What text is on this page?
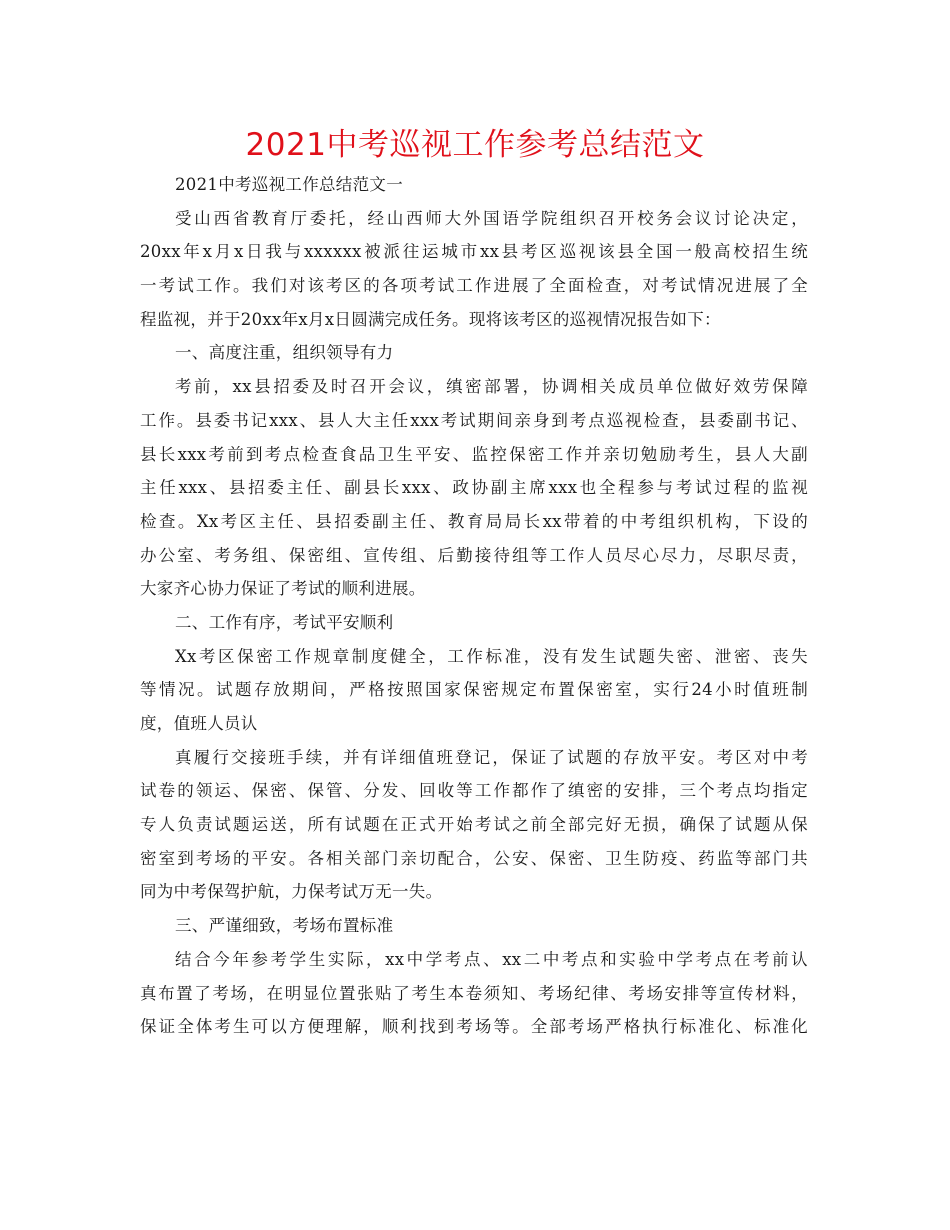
2021中考巡视工作参考总结范文
2021中考巡视工作总结范文一
受山西省教育厅委托，经山西师大外国语学院组织召开校务会议讨论决定，
20xx年x月x日我与xxxxxx被派往运城市xx县考区巡视该县全国一般高校招生统
一考试工作。我们对该考区的各项考试工作进展了全面检查，对考试情况进展了全
程监视，并于20xx年x月x日圆满完成任务。现将该考区的巡视情况报告如下：
一、高度注重，组织领导有力
考前，xx县招委及时召开会议，缜密部署，协调相关成员单位做好效劳保障
工作。县委书记xxx、县人大主任xxx考试期间亲身到考点巡视检查，县委副书记、
县长xxx考前到考点检查食品卫生平安、监控保密工作并亲切勉励考生，县人大副
主任xxx、县招委主任、副县长xxx、政协副主席xxx也全程参与考试过程的监视
检查。Xx考区主任、县招委副主任、教育局局长xx带着的中考组织机构，下设的
办公室、考务组、保密组、宣传组、后勤接待组等工作人员尽心尽力，尽职尽责，
大家齐心协力保证了考试的顺利进展。
二、工作有序，考试平安顺利
Xx考区保密工作规章制度健全，工作标准，没有发生试题失密、泄密、丧失
等情况。试题存放期间，严格按照国家保密规定布置保密室，实行24小时值班制
度，值班人员认
真履行交接班手续，并有详细值班登记，保证了试题的存放平安。考区对中考
试卷的领运、保密、保管、分发、回收等工作都作了缜密的安排，三个考点均指定
专人负责试题运送，所有试题在正式开始考试之前全部完好无损，确保了试题从保
密室到考场的平安。各相关部门亲切配合，公安、保密、卫生防疫、药监等部门共
同为中考保驾护航，力保考试万无一失。
三、严谨细致，考场布置标准
结合今年参考学生实际，xx中学考点、xx二中考点和实验中学考点在考前认
真布置了考场，在明显位置张贴了考生本卷须知、考场纪律、考场安排等宣传材料，
保证全体考生可以方便理解，顺利找到考场等。全部考场严格执行标准化、标准化
